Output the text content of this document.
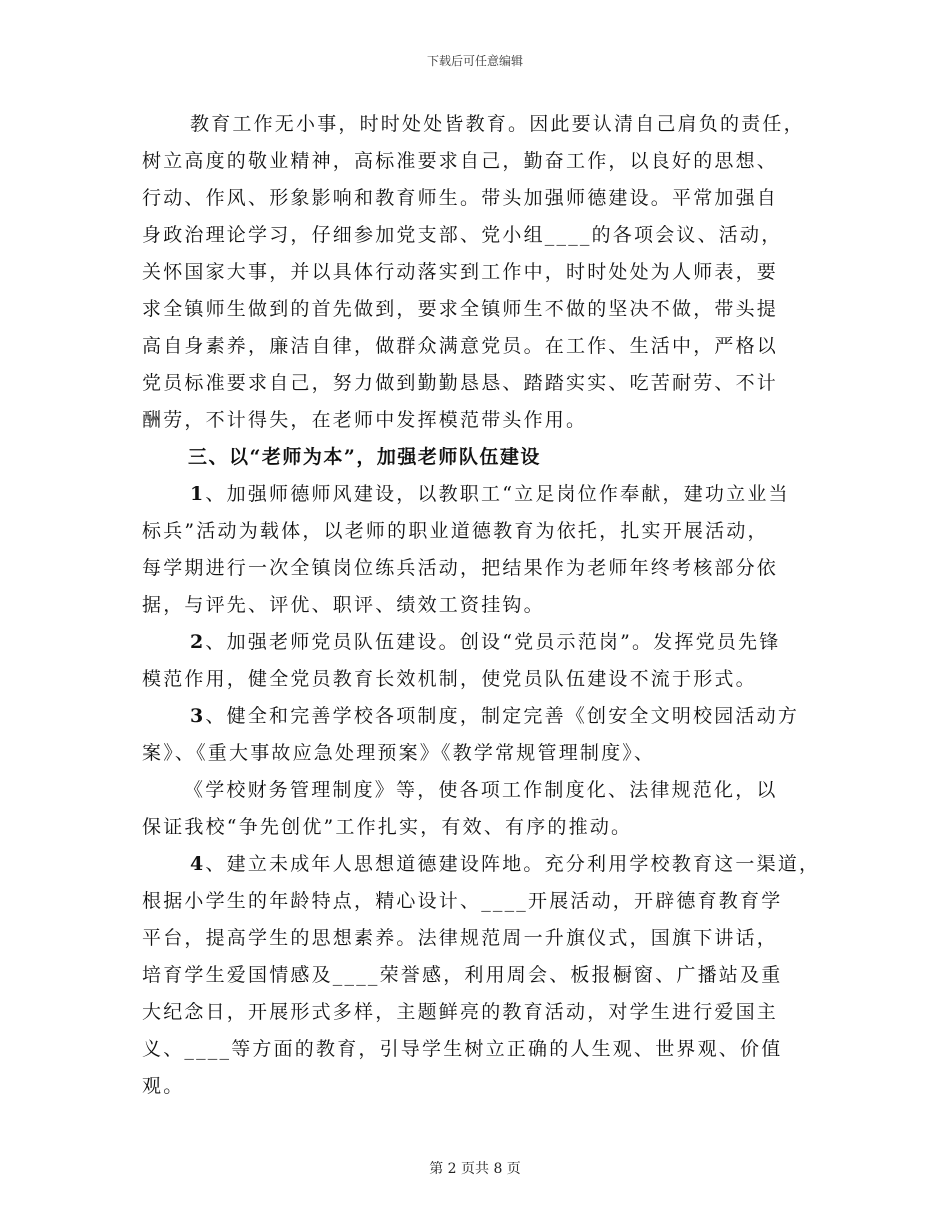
下载后可任意编辑
教育工作无小事，时时处处皆教育。因此要认清自己肩负的责任，
树立高度的敬业精神，高标准要求自己，勤奋工作，以良好的思想、
行动、作风、形象影响和教育师生。带头加强师德建设。平常加强自
身政治理论学习，仔细参加党支部、党小组____的各项会议、活动，
关怀国家大事，并以具体行动落实到工作中，时时处处为人师表，要
求全镇师生做到的首先做到，要求全镇师生不做的坚决不做，带头提
高自身素养，廉洁自律，做群众满意党员。在工作、生活中，严格以
党员标准要求自己，努力做到勤勤恳恳、踏踏实实、吃苦耐劳、不计
酬劳，不计得失，在老师中发挥模范带头作用。
三、以“老师为本”，加强老师队伍建设
1、加强师德师风建设，以教职工“立足岗位作奉献，建功立业当
标兵”活动为载体，以老师的职业道德教育为依托，扎实开展活动，
每学期进行一次全镇岗位练兵活动，把结果作为老师年终考核部分依
据，与评先、评优、职评、绩效工资挂钩。
2、加强老师党员队伍建设。创设“党员示范岗”。发挥党员先锋
模范作用，健全党员教育长效机制，使党员队伍建设不流于形式。
3、健全和完善学校各项制度，制定完善《创安全文明校园活动方
案》、《重大事故应急处理预案》《教学常规管理制度》、
《学校财务管理制度》等，使各项工作制度化、法律规范化，以
保证我校“争先创优”工作扎实，有效、有序的推动。
4、建立未成年人思想道德建设阵地。充分利用学校教育这一渠道，
根据小学生的年龄特点，精心设计、____开展活动，开辟德育教育学
平台，提高学生的思想素养。法律规范周一升旗仪式，国旗下讲话，
培育学生爱国情感及____荣誉感，利用周会、板报橱窗、广播站及重
大纪念日，开展形式多样，主题鲜亮的教育活动，对学生进行爱国主
义、____等方面的教育，引导学生树立正确的人生观、世界观、价值
观。
第 2 页共 8 页
